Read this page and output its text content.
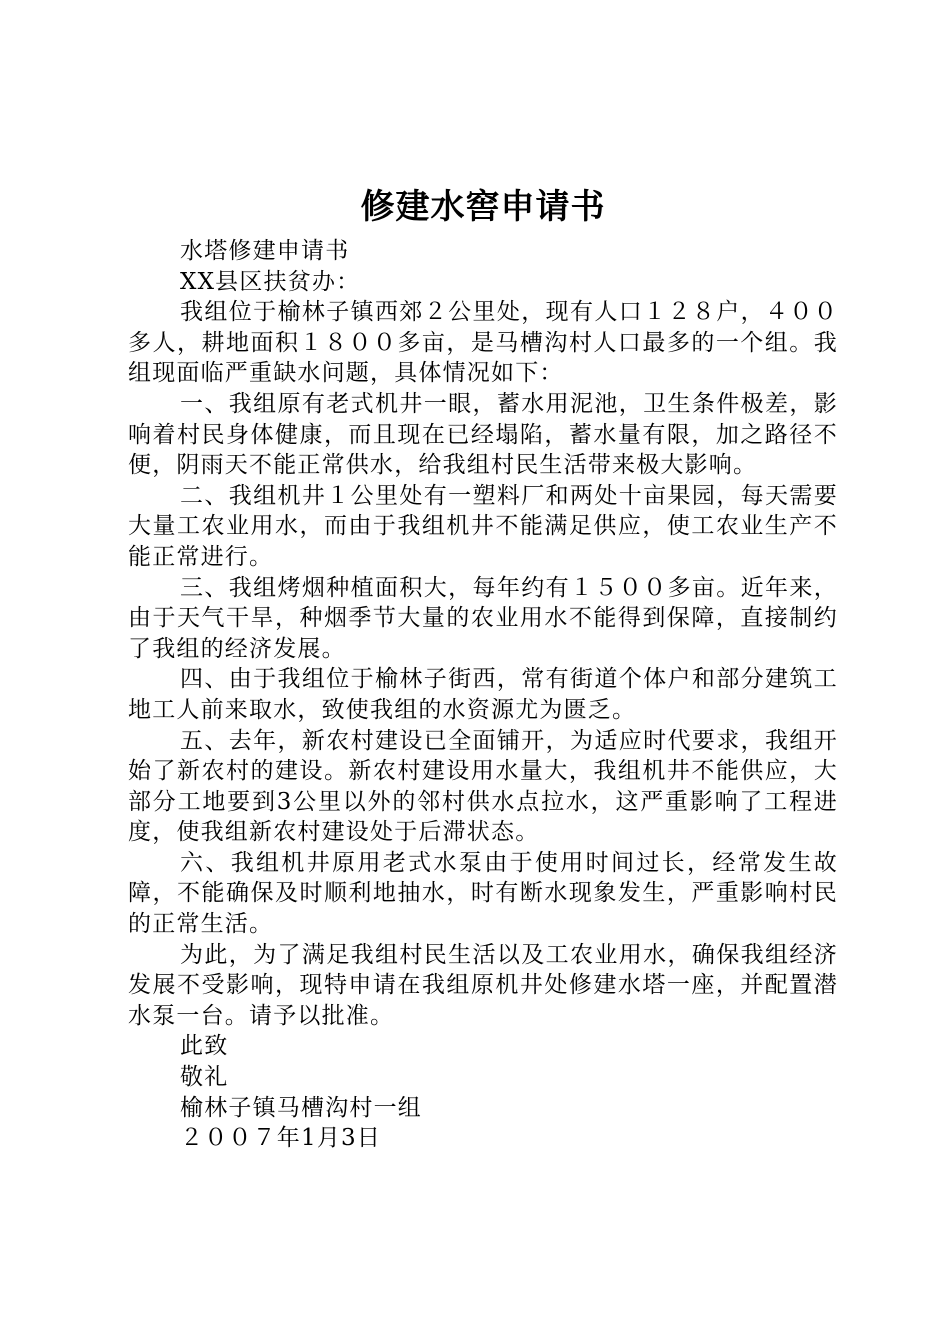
修建水窖申请书

水塔修建申请书

XX县区扶贫办：

我组位于榆林子镇西郊２公里处，现有人口１２８户，４００多人，耕地面积１８００多亩，是马槽沟村人口最多的一个组。我组现面临严重缺水问题，具体情况如下：

一、我组原有老式机井一眼，蓄水用泥池，卫生条件极差，影响着村民身体健康，而且现在已经塌陷，蓄水量有限，加之路径不便，阴雨天不能正常供水，给我组村民生活带来极大影响。

二、我组机井１公里处有一塑料厂和两处十亩果园，每天需要大量工农业用水，而由于我组机井不能满足供应，使工农业生产不能正常进行。

三、我组烤烟种植面积大，每年约有１５００多亩。近年来，由于天气干旱，种烟季节大量的农业用水不能得到保障，直接制约了我组的经济发展。

四、由于我组位于榆林子街西，常有街道个体户和部分建筑工地工人前来取水，致使我组的水资源尤为匮乏。

五、去年，新农村建设已全面铺开，为适应时代要求，我组开始了新农村的建设。新农村建设用水量大，我组机井不能供应，大部分工地要到3公里以外的邻村供水点拉水，这严重影响了工程进度，使我组新农村建设处于后滞状态。

六、我组机井原用老式水泵由于使用时间过长，经常发生故障，不能确保及时顺利地抽水，时有断水现象发生，严重影响村民的正常生活。

为此，为了满足我组村民生活以及工农业用水，确保我组经济发展不受影响，现特申请在我组原机井处修建水塔一座，并配置潜水泵一台。请予以批准。

此致

敬礼

榆林子镇马槽沟村一组

２００７年1月3日
